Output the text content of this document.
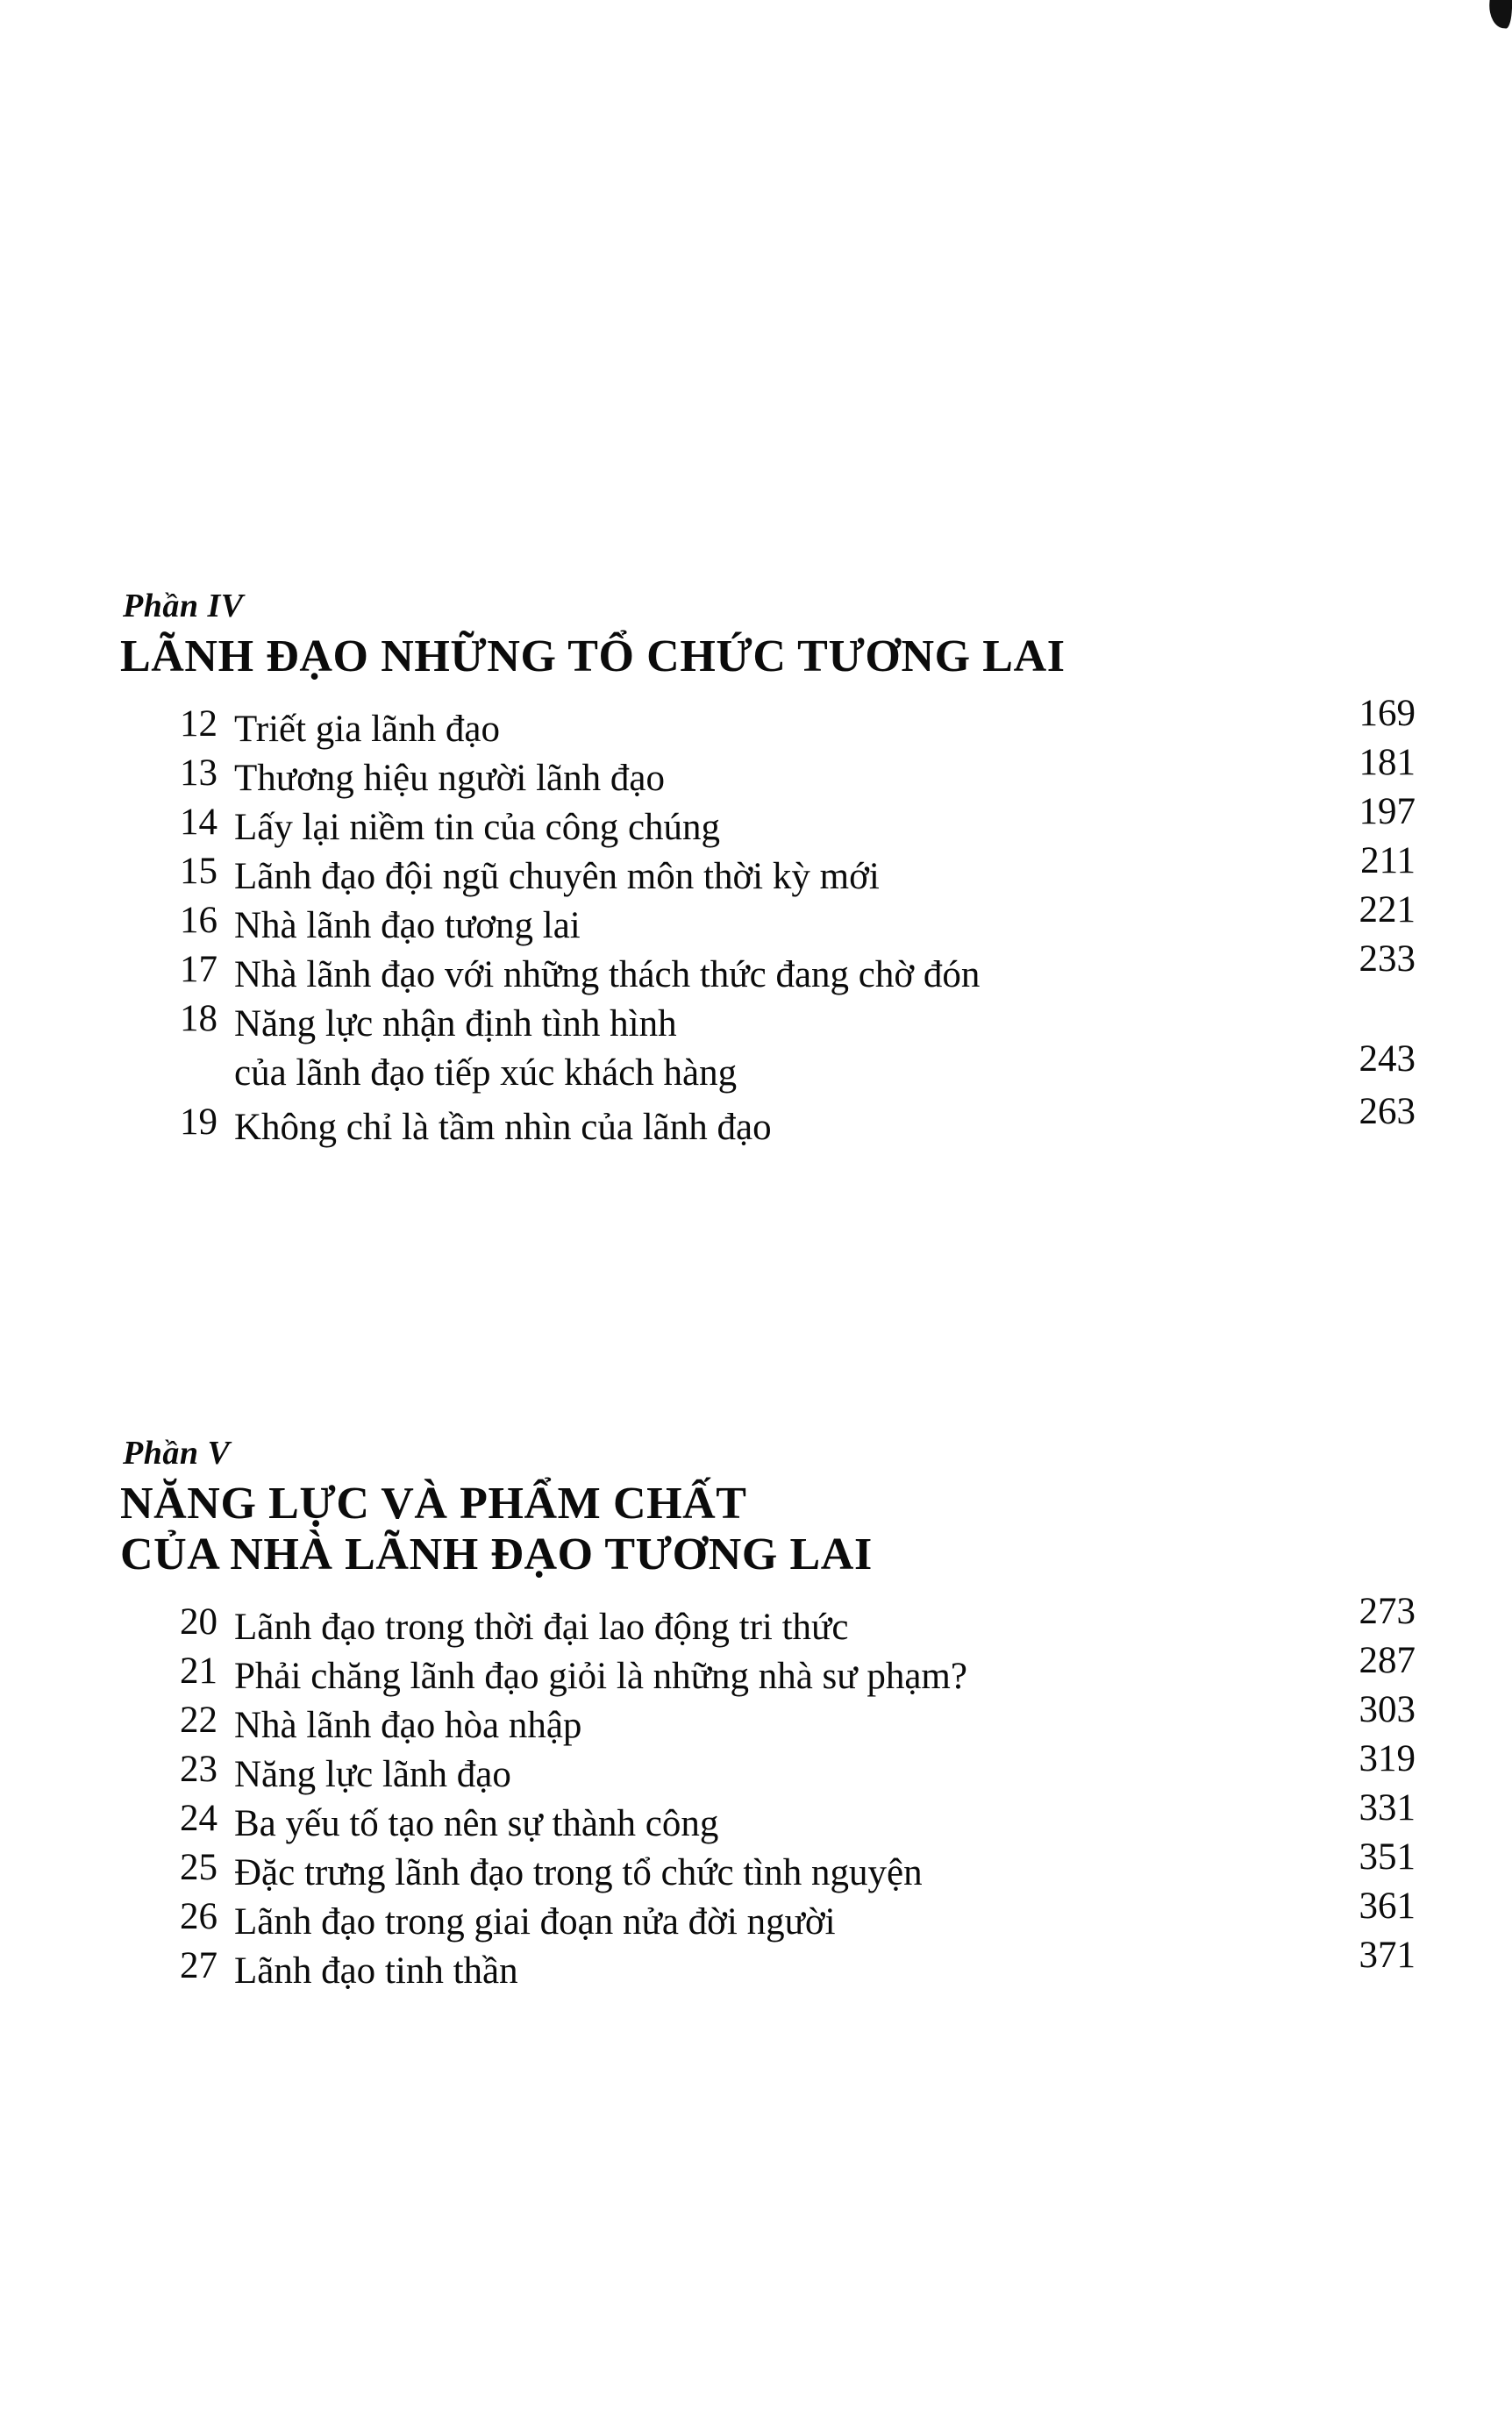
Phần IV
LÃNH ĐẠO NHỮNG TỔ CHỨC TƯƠNG LAI
12 Triết gia lãnh đạo	169
13 Thương hiệu người lãnh đạo	181
14 Lấy lại niềm tin của công chúng	197
15 Lãnh đạo đội ngũ chuyên môn thời kỳ mới	211
16 Nhà lãnh đạo tương lai	221
17 Nhà lãnh đạo với những thách thức đang chờ đón	233
18 Năng lực nhận định tình hình
của lãnh đạo tiếp xúc khách hàng	243
19 Không chỉ là tầm nhìn của lãnh đạo	263
Phần V
NĂNG LỰC VÀ PHẨM CHẤT
CỦA NHÀ LÃNH ĐẠO TƯƠNG LAI
20 Lãnh đạo trong thời đại lao động tri thức	273
21 Phải chăng lãnh đạo giỏi là những nhà sư phạm?	287
22 Nhà lãnh đạo hòa nhập	303
23 Năng lực lãnh đạo	319
24 Ba yếu tố tạo nên sự thành công	331
25 Đặc trưng lãnh đạo trong tổ chức tình nguyện	351
26 Lãnh đạo trong giai đoạn nửa đời người	361
27 Lãnh đạo tinh thần	371
